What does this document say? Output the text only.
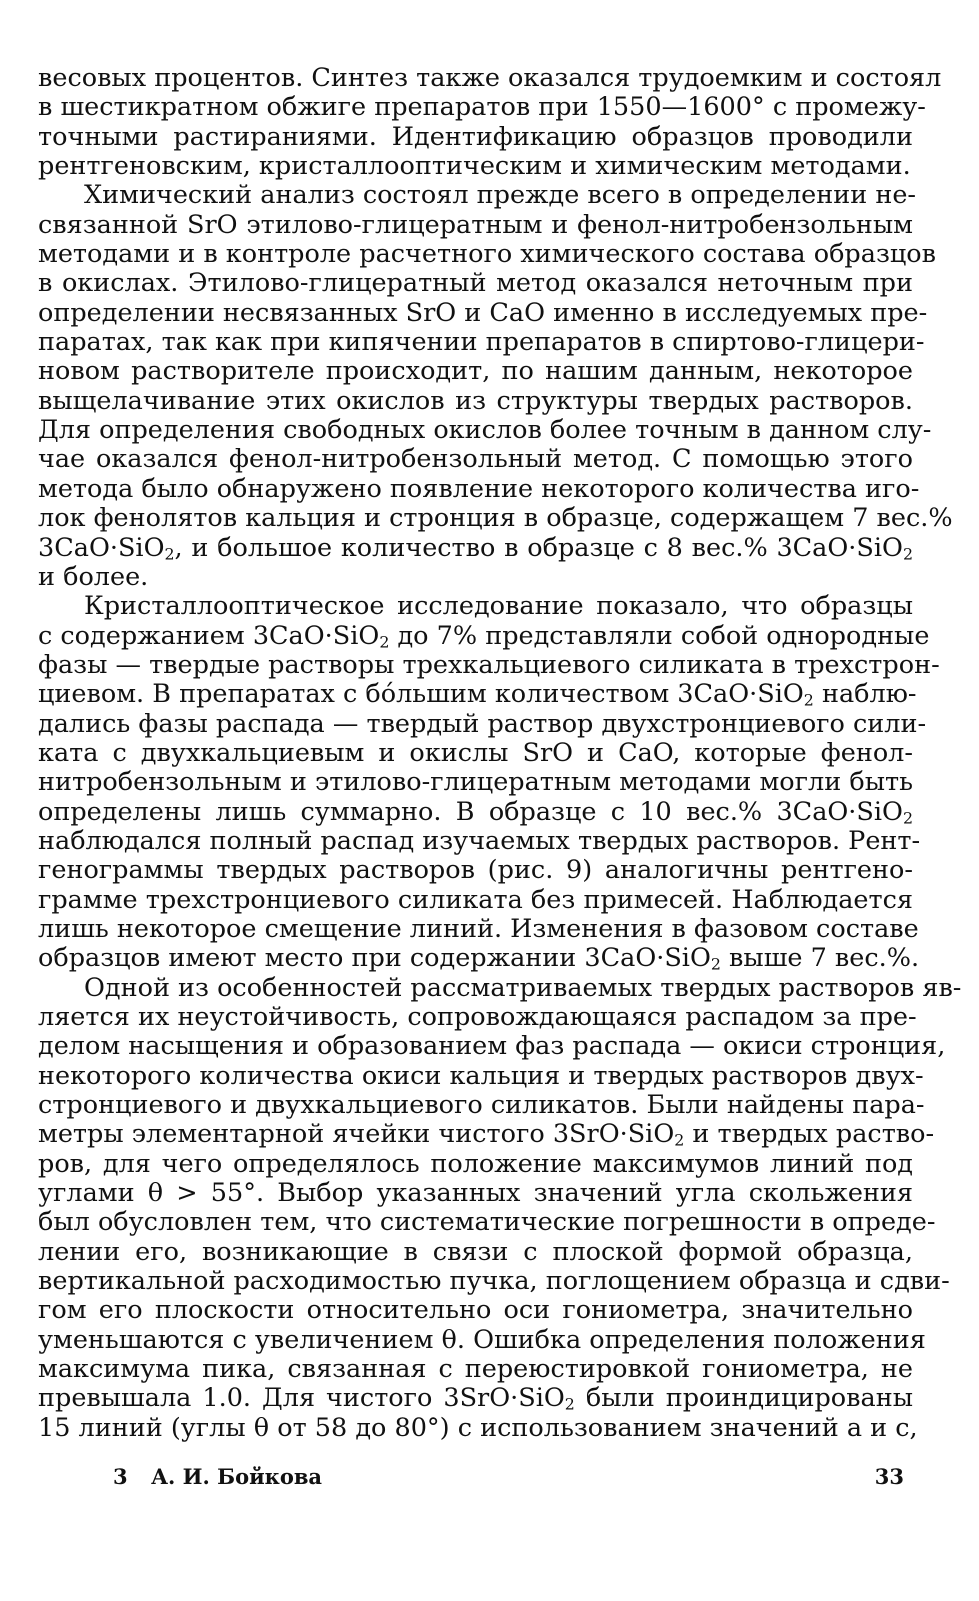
весовых процентов. Синтез также оказался трудоемким и состоял
в шестикратном обжиге препаратов при 1550—1600° с промежу-
точными растираниями. Идентификацию образцов проводили
рентгеновским, кристаллооптическим и химическим методами.
Химический анализ состоял прежде всего в определении не-
связанной SrO этилово-глицератным и фенол-нитробензольным
методами и в контроле расчетного химического состава образцов
в окислах. Этилово-глицератный метод оказался неточным при
определении несвязанных SrO и CaO именно в исследуемых пре-
паратах, так как при кипячении препаратов в спиртово-глицери-
новом растворителе происходит, по нашим данным, некоторое
выщелачивание этих окислов из структуры твердых растворов.
Для определения свободных окислов более точным в данном слу-
чае оказался фенол-нитробензольный метод. С помощью этого
метода было обнаружено появление некоторого количества иго-
лок фенолятов кальция и стронция в образце, содержащем 7 вес.%
3CaO·SiO$_2$, и большое количество в образце с 8 вес.% 3CaO·SiO$_2$
и более.
Кристаллооптическое исследование показало, что образцы
с содержанием 3CaO·SiO$_2$ до 7% представляли собой однородные
фазы — твердые растворы трехкальциевого силиката в трехстрон-
циевом. В препаратах с бо́льшим количеством 3CaO·SiO$_2$ наблю-
дались фазы распада — твердый раствор двухстронциевого сили-
ката с двухкальциевым и окислы SrO и CaO, которые фенол-
нитробензольным и этилово-глицератным методами могли быть
определены лишь суммарно. В образце с 10 вес.% 3CaO·SiO$_2$
наблюдался полный распад изучаемых твердых растворов. Рент-
генограммы твердых растворов (рис. 9) аналогичны рентгено-
грамме трехстронциевого силиката без примесей. Наблюдается
лишь некоторое смещение линий. Изменения в фазовом составе
образцов имеют место при содержании 3CaO·SiO$_2$ выше 7 вес.%.
Одной из особенностей рассматриваемых твердых растворов яв-
ляется их неустойчивость, сопровождающаяся распадом за пре-
делом насыщения и образованием фаз распада — окиси стронция,
некоторого количества окиси кальция и твердых растворов двух-
стронциевого и двухкальциевого силикатов. Были найдены пара-
метры элементарной ячейки чистого 3SrO·SiO$_2$ и твердых раство-
ров, для чего определялось положение максимумов линий под
углами θ > 55°. Выбор указанных значений угла скольжения
был обусловлен тем, что систематические погрешности в опреде-
лении его, возникающие в связи с плоской формой образца,
вертикальной расходимостью пучка, поглощением образца и сдви-
гом его плоскости относительно оси гониометра, значительно
уменьшаются с увеличением θ. Ошибка определения положения
максимума пика, связанная с переюстировкой гониометра, не
превышала 1.0. Для чистого 3SrO·SiO$_2$ были проиндицированы
15 линий (углы θ от 58 до 80°) с использованием значений a и c,
3 А. И. Бойкова	33
